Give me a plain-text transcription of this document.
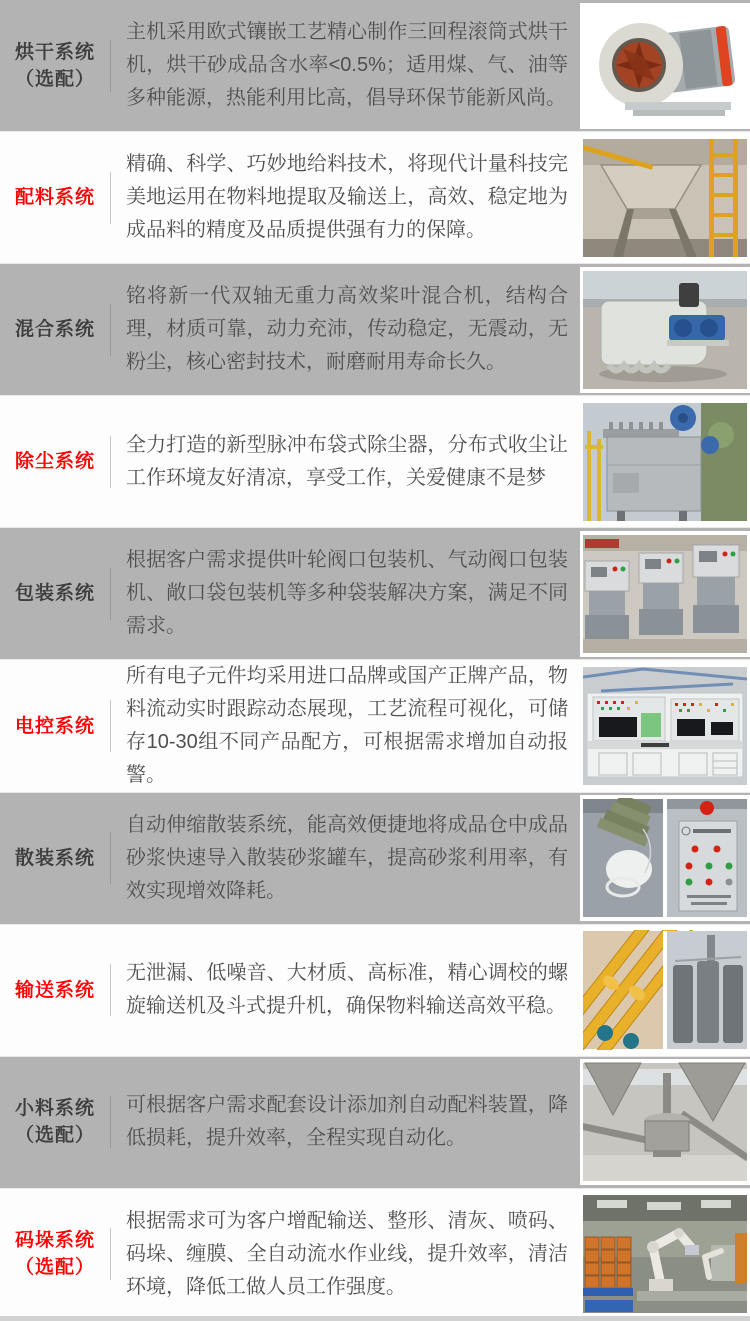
烘干系统
（选配）
主机采用欧式镶嵌工艺精心制作三回程滚筒式烘干机，烘干砂成品含水率<0.5%；适用煤、气、油等多种能源，热能利用比高，倡导环保节能新风尚。
配料系统
精确、科学、巧妙地给料技术，将现代计量科技完美地运用在物料地提取及输送上，高效、稳定地为成品料的精度及品质提供强有力的保障。
混合系统
铭将新一代双轴无重力高效桨叶混合机，结构合理，材质可靠，动力充沛，传动稳定，无震动，无粉尘，核心密封技术，耐磨耐用寿命长久。
除尘系统
全力打造的新型脉冲布袋式除尘器，分布式收尘让工作环境友好清凉，享受工作，关爱健康不是梦
包装系统
根据客户需求提供叶轮阀口包装机、气动阀口包装机、敞口袋包装机等多种袋装解决方案，满足不同需求。
电控系统
所有电子元件均采用进口品牌或国产正牌产品，物料流动实时跟踪动态展现，工艺流程可视化，可储存10-30组不同产品配方，可根据需求增加自动报警。
散装系统
自动伸缩散装系统，能高效便捷地将成品仓中成品砂浆快速导入散装砂浆罐车，提高砂浆利用率，有效实现增效降耗。
输送系统
无泄漏、低噪音、大材质、高标准，精心调校的螺旋输送机及斗式提升机，确保物料输送高效平稳。
小料系统
（选配）
可根据客户需求配套设计添加剂自动配料装置，降低损耗，提升效率，全程实现自动化。
码垛系统
（选配）
根据需求可为客户增配输送、整形、清灰、喷码、码垛、缠膜、全自动流水作业线，提升效率，清洁环境，降低工做人员工作强度。
